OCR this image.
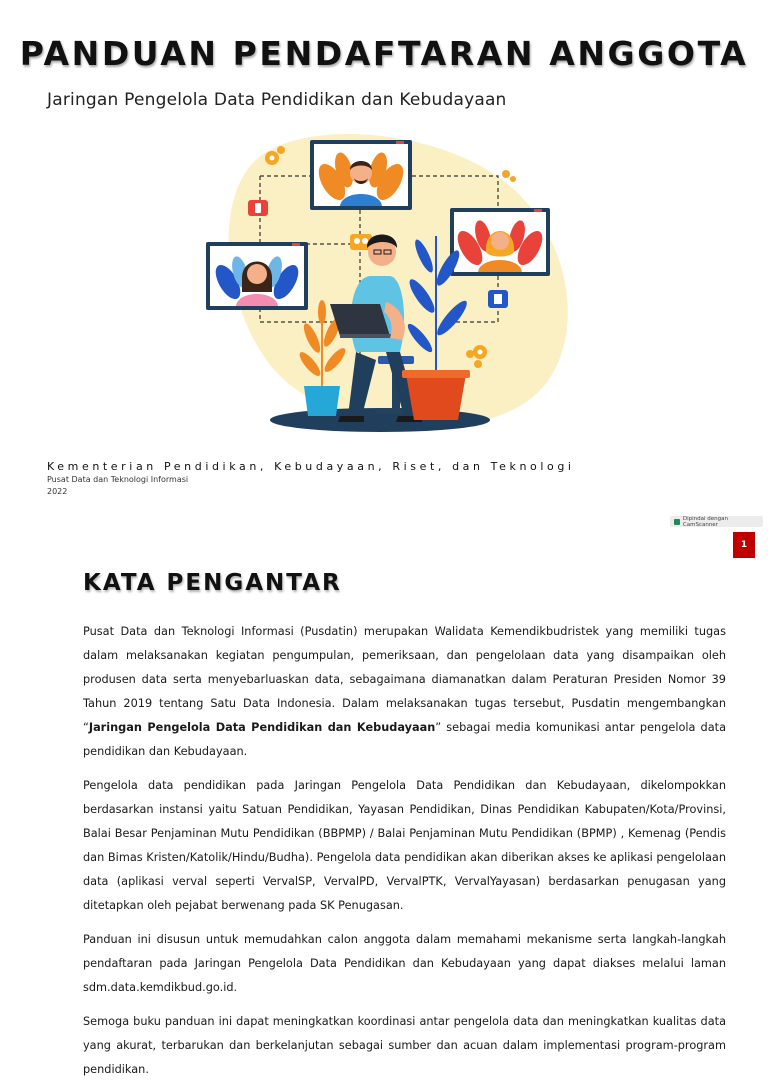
PANDUAN PENDAFTARAN ANGGOTA
Jaringan Pengelola Data Pendidikan dan Kebudayaan
Kementerian Pendidikan, Kebudayaan, Riset, dan Teknologi
Pusat Data dan Teknologi Informasi
2022
Dipindai dengan CamScanner
1
KATA PENGANTAR

Pusat Data dan Teknologi Informasi (Pusdatin) merupakan Walidata Kemendikbudristek yang memiliki tugas dalam melaksanakan kegiatan pengumpulan, pemeriksaan, dan pengelolaan data yang disampaikan oleh produsen data serta menyebarluaskan data, sebagaimana diamanatkan dalam Peraturan Presiden Nomor 39 Tahun 2019 tentang Satu Data Indonesia. Dalam melaksanakan tugas tersebut, Pusdatin mengembangkan “Jaringan Pengelola Data Pendidikan dan Kebudayaan” sebagai media komunikasi antar pengelola data pendidikan dan Kebudayaan.

Pengelola data pendidikan pada Jaringan Pengelola Data Pendidikan dan Kebudayaan, dikelompokkan berdasarkan instansi yaitu Satuan Pendidikan, Yayasan Pendidikan, Dinas Pendidikan Kabupaten/Kota/Provinsi, Balai Besar Penjaminan Mutu Pendidikan (BBPMP) / Balai Penjaminan Mutu Pendidikan (BPMP) , Kemenag (Pendis dan Bimas Kristen/Katolik/Hindu/Budha). Pengelola data pendidikan akan diberikan akses ke aplikasi pengelolaan data (aplikasi verval seperti VervalSP, VervalPD, VervalPTK, VervalYayasan) berdasarkan penugasan yang ditetapkan oleh pejabat berwenang pada SK Penugasan.

Panduan ini disusun untuk memudahkan calon anggota dalam memahami mekanisme serta langkah-langkah pendaftaran pada Jaringan Pengelola Data Pendidikan dan Kebudayaan yang dapat diakses melalui laman sdm.data.kemdikbud.go.id.

Semoga buku panduan ini dapat meningkatkan koordinasi antar pengelola data dan meningkatkan kualitas data yang akurat, terbarukan dan berkelanjutan sebagai sumber dan acuan dalam implementasi program-program pendidikan.
